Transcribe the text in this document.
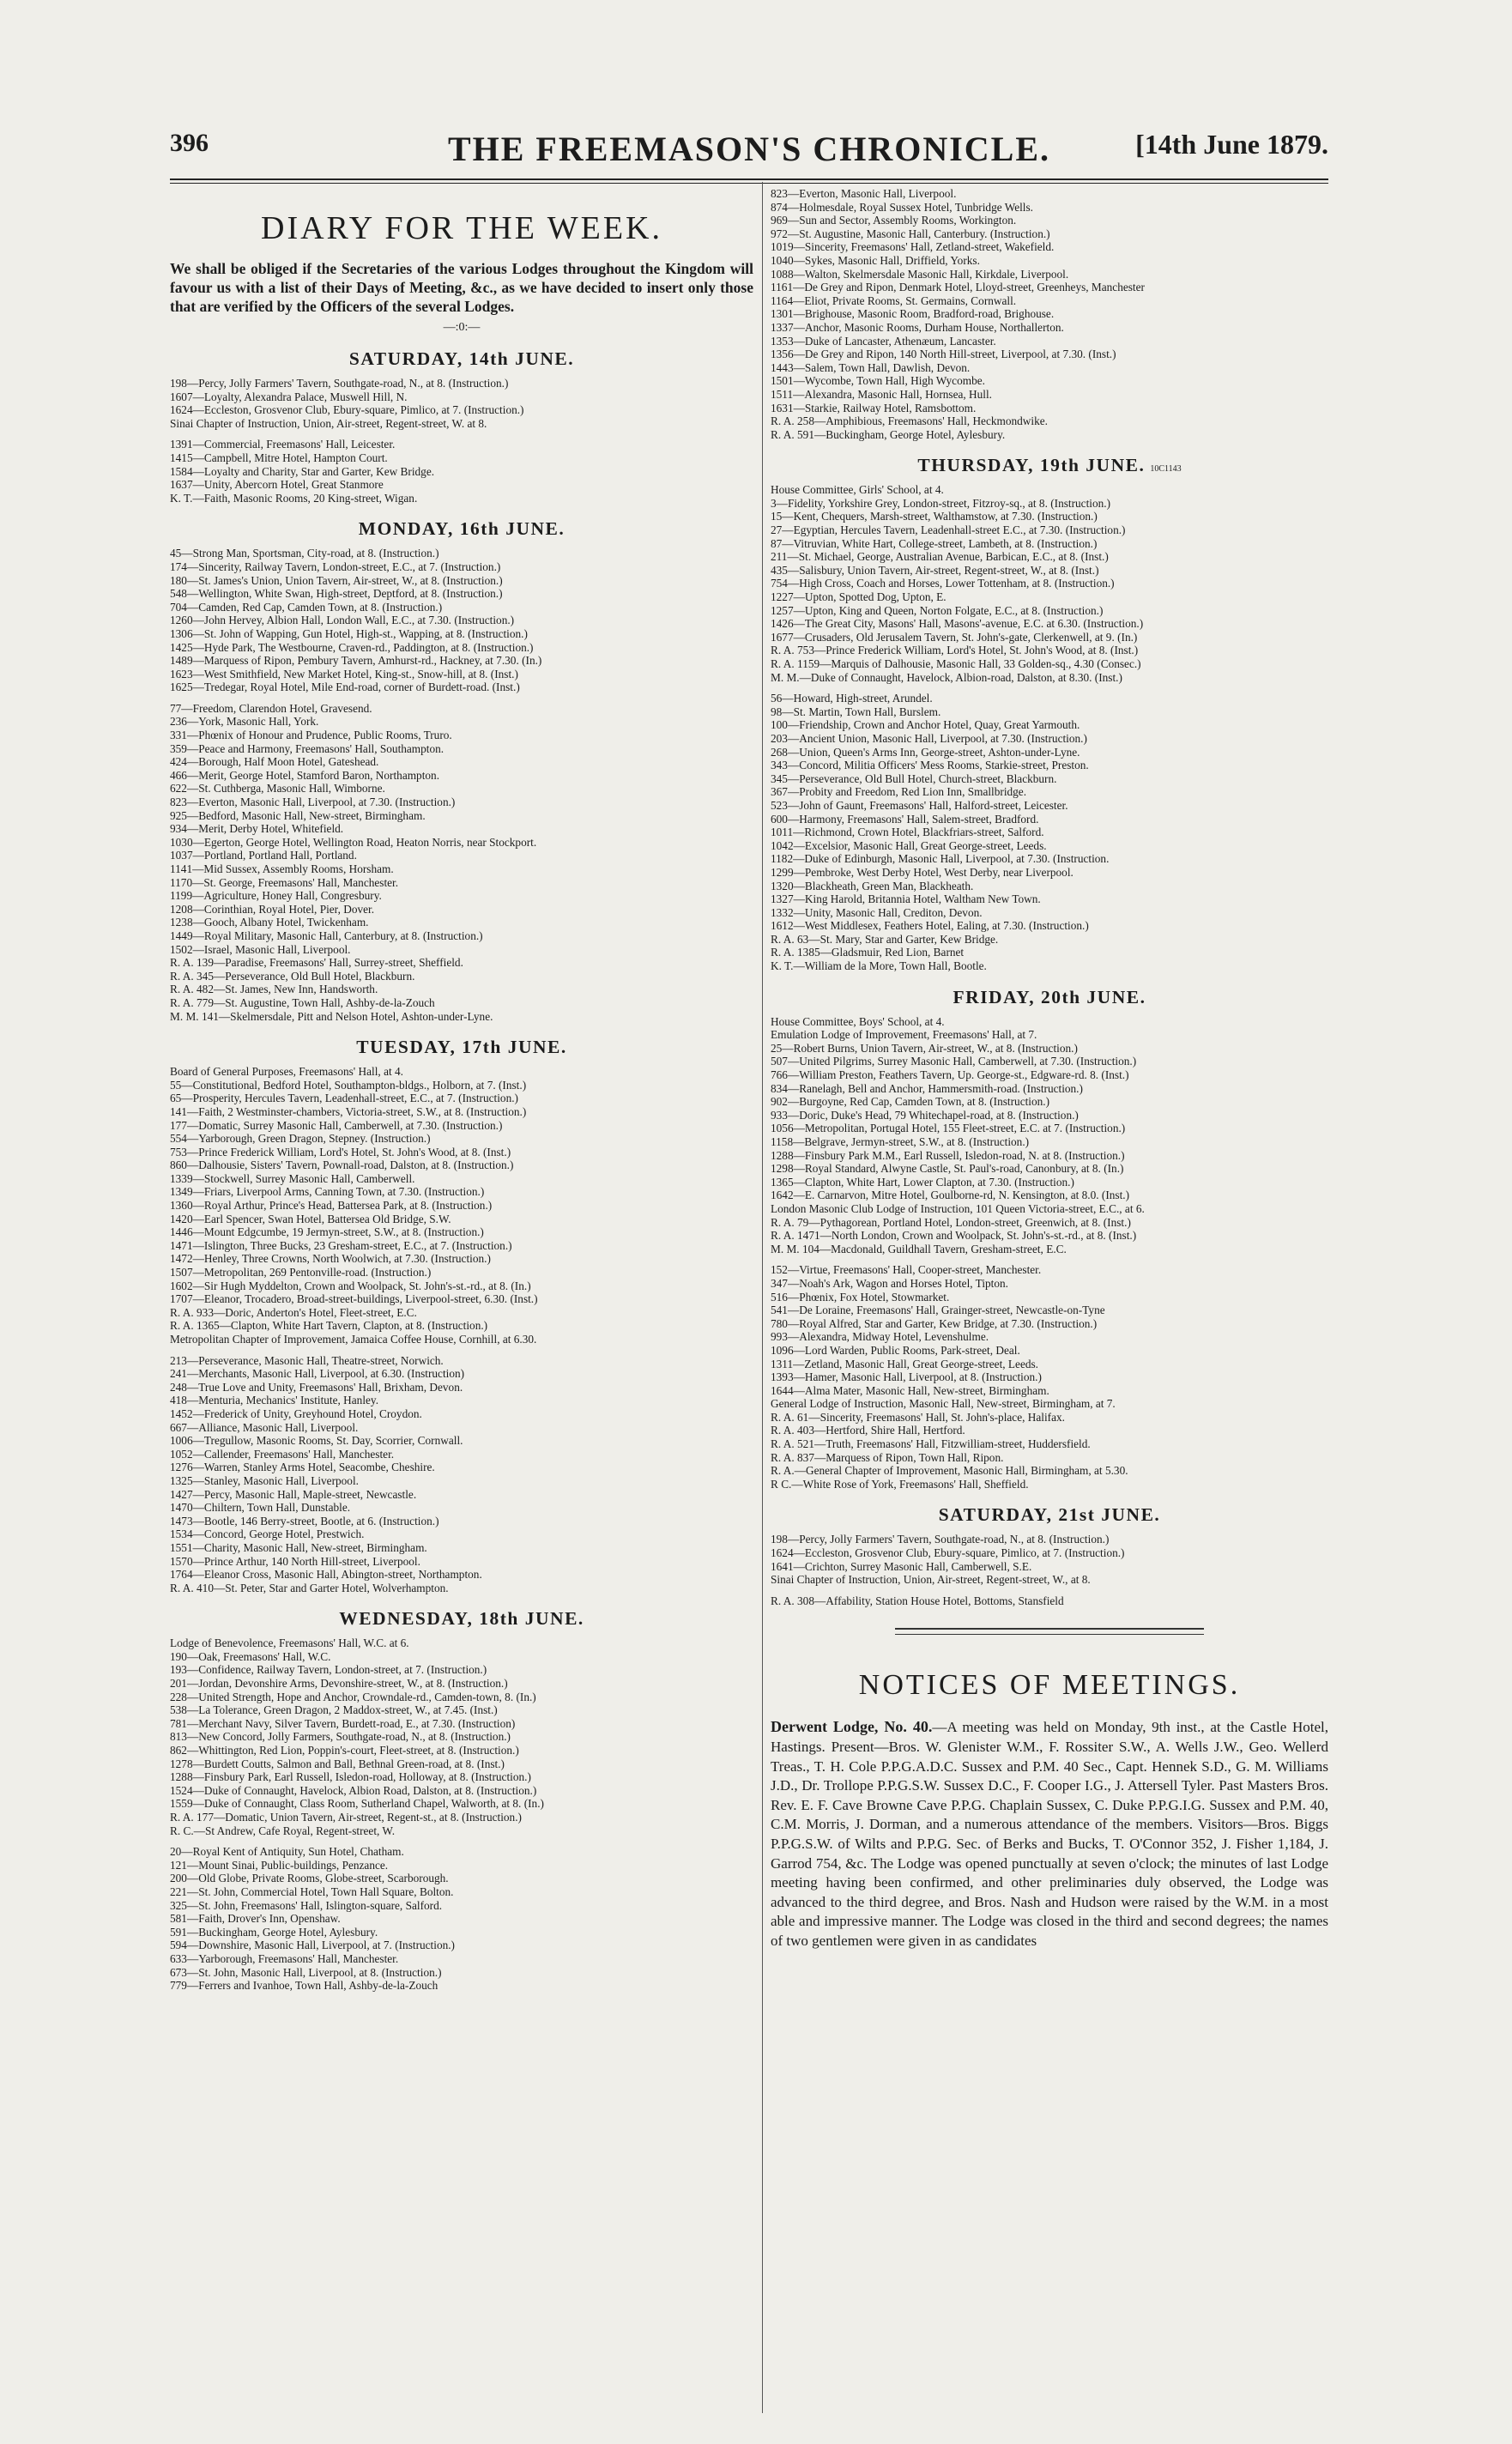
396	THE FREEMASON'S CHRONICLE.	[14th June 1879.
DIARY FOR THE WEEK.

We shall be obliged if the Secretaries of the various Lodges throughout the Kingdom will favour us with a list of their Days of Meeting, &c., as we have decided to insert only those that are verified by the Officers of the several Lodges.

—:0:—
SATURDAY, 14th JUNE.
198—Percy, Jolly Farmers' Tavern, Southgate-road, N., at 8. (Instruction.)
1607—Loyalty, Alexandra Palace, Muswell Hill, N.
1624—Eccleston, Grosvenor Club, Ebury-square, Pimlico, at 7. (Instruction.)
Sinai Chapter of Instruction, Union, Air-street, Regent-street, W. at 8.
1391—Commercial, Freemasons' Hall, Leicester.
1415—Campbell, Mitre Hotel, Hampton Court.
1584—Loyalty and Charity, Star and Garter, Kew Bridge.
1637—Unity, Abercorn Hotel, Great Stanmore
K. T.—Faith, Masonic Rooms, 20 King-street, Wigan.
MONDAY, 16th JUNE.
45—Strong Man, Sportsman, City-road, at 8. (Instruction.)
174—Sincerity, Railway Tavern, London-street, E.C., at 7. (Instruction.)
180—St. James's Union, Union Tavern, Air-street, W., at 8. (Instruction.)
548—Wellington, White Swan, High-street, Deptford, at 8. (Instruction.)
704—Camden, Red Cap, Camden Town, at 8. (Instruction.)
1260—John Hervey, Albion Hall, London Wall, E.C., at 7.30. (Instruction.)
1306—St. John of Wapping, Gun Hotel, High-st., Wapping, at 8. (Instruction.)
1425—Hyde Park, The Westbourne, Craven-rd., Paddington, at 8. (Instruction.)
1489—Marquess of Ripon, Pembury Tavern, Amhurst-rd., Hackney, at 7.30. (In.)
1623—West Smithfield, New Market Hotel, King-st., Snow-hill, at 8. (Inst.)
1625—Tredegar, Royal Hotel, Mile End-road, corner of Burdett-road. (Inst.)
77—Freedom, Clarendon Hotel, Gravesend.
236—York, Masonic Hall, York.
331—Phœnix of Honour and Prudence, Public Rooms, Truro.
359—Peace and Harmony, Freemasons' Hall, Southampton.
424—Borough, Half Moon Hotel, Gateshead.
466—Merit, George Hotel, Stamford Baron, Northampton.
622—St. Cuthberga, Masonic Hall, Wimborne.
823—Everton, Masonic Hall, Liverpool, at 7.30. (Instruction.)
925—Bedford, Masonic Hall, New-street, Birmingham.
934—Merit, Derby Hotel, Whitefield.
1030—Egerton, George Hotel, Wellington Road, Heaton Norris, near Stockport.
1037—Portland, Portland Hall, Portland.
1141—Mid Sussex, Assembly Rooms, Horsham.
1170—St. George, Freemasons' Hall, Manchester.
1199—Agriculture, Honey Hall, Congresbury.
1208—Corinthian, Royal Hotel, Pier, Dover.
1238—Gooch, Albany Hotel, Twickenham.
1449—Royal Military, Masonic Hall, Canterbury, at 8. (Instruction.)
1502—Israel, Masonic Hall, Liverpool.
R. A. 139—Paradise, Freemasons' Hall, Surrey-street, Sheffield.
R. A. 345—Perseverance, Old Bull Hotel, Blackburn.
R. A. 482—St. James, New Inn, Handsworth.
R. A. 779—St. Augustine, Town Hall, Ashby-de-la-Zouch
M. M. 141—Skelmersdale, Pitt and Nelson Hotel, Ashton-under-Lyne.
TUESDAY, 17th JUNE.
Board of General Purposes, Freemasons' Hall, at 4.
55—Constitutional, Bedford Hotel, Southampton-bldgs., Holborn, at 7. (Inst.)
65—Prosperity, Hercules Tavern, Leadenhall-street, E.C., at 7. (Instruction.)
141—Faith, 2 Westminster-chambers, Victoria-street, S.W., at 8. (Instruction.)
177—Domatic, Surrey Masonic Hall, Camberwell, at 7.30. (Instruction.)
554—Yarborough, Green Dragon, Stepney. (Instruction.)
753—Prince Frederick William, Lord's Hotel, St. John's Wood, at 8. (Inst.)
860—Dalhousie, Sisters' Tavern, Pownall-road, Dalston, at 8. (Instruction.)
1339—Stockwell, Surrey Masonic Hall, Camberwell.
1349—Friars, Liverpool Arms, Canning Town, at 7.30. (Instruction.)
1360—Royal Arthur, Prince's Head, Battersea Park, at 8. (Instruction.)
1420—Earl Spencer, Swan Hotel, Battersea Old Bridge, S.W.
1446—Mount Edgcumbe, 19 Jermyn-street, S.W., at 8. (Instruction.)
1471—Islington, Three Bucks, 23 Gresham-street, E.C., at 7. (Instruction.)
1472—Henley, Three Crowns, North Woolwich, at 7.30. (Instruction.)
1507—Metropolitan, 269 Pentonville-road. (Instruction.)
1602—Sir Hugh Myddelton, Crown and Woolpack, St. John's-st.-rd., at 8. (In.)
1707—Eleanor, Trocadero, Broad-street-buildings, Liverpool-street, 6.30. (Inst.)
R. A. 933—Doric, Anderton's Hotel, Fleet-street, E.C.
R. A. 1365—Clapton, White Hart Tavern, Clapton, at 8. (Instruction.)
Metropolitan Chapter of Improvement, Jamaica Coffee House, Cornhill, at 6.30.
213—Perseverance, Masonic Hall, Theatre-street, Norwich.
241—Merchants, Masonic Hall, Liverpool, at 6.30. (Instruction)
248—True Love and Unity, Freemasons' Hall, Brixham, Devon.
418—Menturia, Mechanics' Institute, Hanley.
1452—Frederick of Unity, Greyhound Hotel, Croydon.
667—Alliance, Masonic Hall, Liverpool.
1006—Tregullow, Masonic Rooms, St. Day, Scorrier, Cornwall.
1052—Callender, Freemasons' Hall, Manchester.
1276—Warren, Stanley Arms Hotel, Seacombe, Cheshire.
1325—Stanley, Masonic Hall, Liverpool.
1427—Percy, Masonic Hall, Maple-street, Newcastle.
1470—Chiltern, Town Hall, Dunstable.
1473—Bootle, 146 Berry-street, Bootle, at 6. (Instruction.)
1534—Concord, George Hotel, Prestwich.
1551—Charity, Masonic Hall, New-street, Birmingham.
1570—Prince Arthur, 140 North Hill-street, Liverpool.
1764—Eleanor Cross, Masonic Hall, Abington-street, Northampton.
R. A. 410—St. Peter, Star and Garter Hotel, Wolverhampton.
WEDNESDAY, 18th JUNE.
Lodge of Benevolence, Freemasons' Hall, W.C. at 6.
190—Oak, Freemasons' Hall, W.C.
193—Confidence, Railway Tavern, London-street, at 7. (Instruction.)
201—Jordan, Devonshire Arms, Devonshire-street, W., at 8. (Instruction.)
228—United Strength, Hope and Anchor, Crowndale-rd., Camden-town, 8. (In.)
538—La Tolerance, Green Dragon, 2 Maddox-street, W., at 7.45. (Inst.)
781—Merchant Navy, Silver Tavern, Burdett-road, E., at 7.30. (Instruction)
813—New Concord, Jolly Farmers, Southgate-road, N., at 8. (Instruction.)
862—Whittington, Red Lion, Poppin's-court, Fleet-street, at 8. (Instruction.)
1278—Burdett Coutts, Salmon and Ball, Bethnal Green-road, at 8. (Inst.)
1288—Finsbury Park, Earl Russell, Isledon-road, Holloway, at 8. (Instruction.)
1524—Duke of Connaught, Havelock, Albion Road, Dalston, at 8. (Instruction.)
1559—Duke of Connaught, Class Room, Sutherland Chapel, Walworth, at 8. (In.)
R. A. 177—Domatic, Union Tavern, Air-street, Regent-st., at 8. (Instruction.)
R. C.—St Andrew, Cafe Royal, Regent-street, W.
20—Royal Kent of Antiquity, Sun Hotel, Chatham.
121—Mount Sinai, Public-buildings, Penzance.
200—Old Globe, Private Rooms, Globe-street, Scarborough.
221—St. John, Commercial Hotel, Town Hall Square, Bolton.
325—St. John, Freemasons' Hall, Islington-square, Salford.
581—Faith, Drover's Inn, Openshaw.
591—Buckingham, George Hotel, Aylesbury.
594—Downshire, Masonic Hall, Liverpool, at 7. (Instruction.)
633—Yarborough, Freemasons' Hall, Manchester.
673—St. John, Masonic Hall, Liverpool, at 8. (Instruction.)
779—Ferrers and Ivanhoe, Town Hall, Ashby-de-la-Zouch
823—Everton, Masonic Hall, Liverpool.
874—Holmesdale, Royal Sussex Hotel, Tunbridge Wells.
969—Sun and Sector, Assembly Rooms, Workington.
972—St. Augustine, Masonic Hall, Canterbury. (Instruction.)
1019—Sincerity, Freemasons' Hall, Zetland-street, Wakefield.
1040—Sykes, Masonic Hall, Driffield, Yorks.
1088—Walton, Skelmersdale Masonic Hall, Kirkdale, Liverpool.
1161—De Grey and Ripon, Denmark Hotel, Lloyd-street, Greenheys, Manchester
1164—Eliot, Private Rooms, St. Germains, Cornwall.
1301—Brighouse, Masonic Room, Bradford-road, Brighouse.
1337—Anchor, Masonic Rooms, Durham House, Northallerton.
1353—Duke of Lancaster, Athenæum, Lancaster.
1356—De Grey and Ripon, 140 North Hill-street, Liverpool, at 7.30. (Inst.)
1443—Salem, Town Hall, Dawlish, Devon.
1501—Wycombe, Town Hall, High Wycombe.
1511—Alexandra, Masonic Hall, Hornsea, Hull.
1631—Starkie, Railway Hotel, Ramsbottom.
R. A. 258—Amphibious, Freemasons' Hall, Heckmondwike.
R. A. 591—Buckingham, George Hotel, Aylesbury.
THURSDAY, 19th JUNE. 10C1143
House Committee, Girls' School, at 4.
3—Fidelity, Yorkshire Grey, London-street, Fitzroy-sq., at 8. (Instruction.)
15—Kent, Chequers, Marsh-street, Walthamstow, at 7.30. (Instruction.)
27—Egyptian, Hercules Tavern, Leadenhall-street E.C., at 7.30. (Instruction.)
87—Vitruvian, White Hart, College-street, Lambeth, at 8. (Instruction.)
211—St. Michael, George, Australian Avenue, Barbican, E.C., at 8. (Inst.)
435—Salisbury, Union Tavern, Air-street, Regent-street, W., at 8. (Inst.)
754—High Cross, Coach and Horses, Lower Tottenham, at 8. (Instruction.)
1227—Upton, Spotted Dog, Upton, E.
1257—Upton, King and Queen, Norton Folgate, E.C., at 8. (Instruction.)
1426—The Great City, Masons' Hall, Masons'-avenue, E.C. at 6.30. (Instruction.)
1677—Crusaders, Old Jerusalem Tavern, St. John's-gate, Clerkenwell, at 9. (In.)
R. A. 753—Prince Frederick William, Lord's Hotel, St. John's Wood, at 8. (Inst.)
R. A. 1159—Marquis of Dalhousie, Masonic Hall, 33 Golden-sq., 4.30 (Consec.)
M. M.—Duke of Connaught, Havelock, Albion-road, Dalston, at 8.30. (Inst.)
56—Howard, High-street, Arundel.
98—St. Martin, Town Hall, Burslem.
100—Friendship, Crown and Anchor Hotel, Quay, Great Yarmouth.
203—Ancient Union, Masonic Hall, Liverpool, at 7.30. (Instruction.)
268—Union, Queen's Arms Inn, George-street, Ashton-under-Lyne.
343—Concord, Militia Officers' Mess Rooms, Starkie-street, Preston.
345—Perseverance, Old Bull Hotel, Church-street, Blackburn.
367—Probity and Freedom, Red Lion Inn, Smallbridge.
523—John of Gaunt, Freemasons' Hall, Halford-street, Leicester.
600—Harmony, Freemasons' Hall, Salem-street, Bradford.
1011—Richmond, Crown Hotel, Blackfriars-street, Salford.
1042—Excelsior, Masonic Hall, Great George-street, Leeds.
1182—Duke of Edinburgh, Masonic Hall, Liverpool, at 7.30. (Instruction.
1299—Pembroke, West Derby Hotel, West Derby, near Liverpool.
1320—Blackheath, Green Man, Blackheath.
1327—King Harold, Britannia Hotel, Waltham New Town.
1332—Unity, Masonic Hall, Crediton, Devon.
1612—West Middlesex, Feathers Hotel, Ealing, at 7.30. (Instruction.)
R. A. 63—St. Mary, Star and Garter, Kew Bridge.
R. A. 1385—Gladsmuir, Red Lion, Barnet
K. T.—William de la More, Town Hall, Bootle.
FRIDAY, 20th JUNE.
House Committee, Boys' School, at 4.
Emulation Lodge of Improvement, Freemasons' Hall, at 7.
25—Robert Burns, Union Tavern, Air-street, W., at 8. (Instruction.)
507—United Pilgrims, Surrey Masonic Hall, Camberwell, at 7.30. (Instruction.)
766—William Preston, Feathers Tavern, Up. George-st., Edgware-rd. 8. (Inst.)
834—Ranelagh, Bell and Anchor, Hammersmith-road. (Instruction.)
902—Burgoyne, Red Cap, Camden Town, at 8. (Instruction.)
933—Doric, Duke's Head, 79 Whitechapel-road, at 8. (Instruction.)
1056—Metropolitan, Portugal Hotel, 155 Fleet-street, E.C. at 7. (Instruction.)
1158—Belgrave, Jermyn-street, S.W., at 8. (Instruction.)
1288—Finsbury Park M.M., Earl Russell, Isledon-road, N. at 8. (Instruction.)
1298—Royal Standard, Alwyne Castle, St. Paul's-road, Canonbury, at 8. (In.)
1365—Clapton, White Hart, Lower Clapton, at 7.30. (Instruction.)
1642—E. Carnarvon, Mitre Hotel, Goulborne-rd, N. Kensington, at 8.0. (Inst.)
London Masonic Club Lodge of Instruction, 101 Queen Victoria-street, E.C., at 6.
R. A. 79—Pythagorean, Portland Hotel, London-street, Greenwich, at 8. (Inst.)
R. A. 1471—North London, Crown and Woolpack, St. John's-st.-rd., at 8. (Inst.)
M. M. 104—Macdonald, Guildhall Tavern, Gresham-street, E.C.
152—Virtue, Freemasons' Hall, Cooper-street, Manchester.
347—Noah's Ark, Wagon and Horses Hotel, Tipton.
516—Phœnix, Fox Hotel, Stowmarket.
541—De Loraine, Freemasons' Hall, Grainger-street, Newcastle-on-Tyne
780—Royal Alfred, Star and Garter, Kew Bridge, at 7.30. (Instruction.)
993—Alexandra, Midway Hotel, Levenshulme.
1096—Lord Warden, Public Rooms, Park-street, Deal.
1311—Zetland, Masonic Hall, Great George-street, Leeds.
1393—Hamer, Masonic Hall, Liverpool, at 8. (Instruction.)
1644—Alma Mater, Masonic Hall, New-street, Birmingham.
General Lodge of Instruction, Masonic Hall, New-street, Birmingham, at 7.
R. A. 61—Sincerity, Freemasons' Hall, St. John's-place, Halifax.
R. A. 403—Hertford, Shire Hall, Hertford.
R. A. 521—Truth, Freemasons' Hall, Fitzwilliam-street, Huddersfield.
R. A. 837—Marquess of Ripon, Town Hall, Ripon.
R. A.—General Chapter of Improvement, Masonic Hall, Birmingham, at 5.30.
R C.—White Rose of York, Freemasons' Hall, Sheffield.
SATURDAY, 21st JUNE.
198—Percy, Jolly Farmers' Tavern, Southgate-road, N., at 8. (Instruction.)
1624—Eccleston, Grosvenor Club, Ebury-square, Pimlico, at 7. (Instruction.)
1641—Crichton, Surrey Masonic Hall, Camberwell, S.E.
Sinai Chapter of Instruction, Union, Air-street, Regent-street, W., at 8.
R. A. 308—Affability, Station House Hotel, Bottoms, Stansfield
NOTICES OF MEETINGS.

Derwent Lodge, No. 40.—A meeting was held on Monday, 9th inst., at the Castle Hotel, Hastings. Present—Bros. W. Glenister W.M., F. Rossiter S.W., A. Wells J.W., Geo. Wellerd Treas., T. H. Cole P.P.G.A.D.C. Sussex and P.M. 40 Sec., Capt. Hennek S.D., G. M. Williams J.D., Dr. Trollope P.P.G.S.W. Sussex D.C., F. Cooper I.G., J. Attersell Tyler. Past Masters Bros. Rev. E. F. Cave Browne Cave P.P.G. Chaplain Sussex, C. Duke P.P.G.I.G. Sussex and P.M. 40, C.M. Morris, J. Dorman, and a numerous attendance of the members. Visitors—Bros. Biggs P.P.G.S.W. of Wilts and P.P.G. Sec. of Berks and Bucks, T. O'Connor 352, J. Fisher 1,184, J. Garrod 754, &c. The Lodge was opened punctually at seven o'clock; the minutes of last Lodge meeting having been confirmed, and other preliminaries duly observed, the Lodge was advanced to the third degree, and Bros. Nash and Hudson were raised by the W.M. in a most able and impressive manner. The Lodge was closed in the third and second degrees; the names of two gentlemen were given in as candidates
